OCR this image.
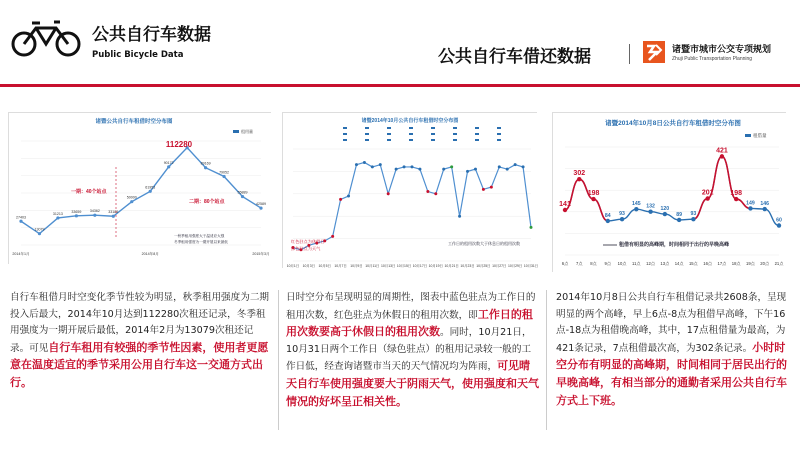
公共自行车数据
Public Bicycle Data	公共自行车借还数据	诸暨市城市公交专项规划
Zhuji Public Transportation Planning
诸暨公共自行车租借时空分布图
租用量
27403
13079
31213
33659 34362 33185
50000
61953
90172	89169
79052
55889
42589
2014年1月	2014年8月	2015年3月
一期：40个站点
二期：80个站点
112280
一秋季租用强度大于温适应大强
冬季租用强度为一期开展以来最低
诸暨2014年10月公共自行车租借时空分布图
10月1日 10月3日 10月5日 10月7日 10月9日 10月11日 10月13日 10月15日 10月17日 10月19日 10月21日 10月23日 10月25日 10月27日 10月29日 10月31日
工作日的租用次数大于休息日的租用次数
红色驻点为休假日
绿色驻点为天气
诸暨2014年10月8日公共自行车租借时空分布图
租借量
141
302
198
84 93
145 132 120
89 93
201
421
198
149 146
60
6点 7点 8点 9点 10点 11点 12点 13点 14点 15点 16点 17点 18点 19点 20点 21点
租借有明显的高峰期，时间相同于出行的早晚高峰
自行车租借月时空变化季节性较为明显，秋季租用强度为二期投入后最大，2014年10月达到112280次租还记录，冬季租用强度为一期开展后最低，2014年2月为13079次租还记录。可见自行车租用有较强的季节性因素，使用者更愿意在温度适宜的季节采用公用自行车这一交通方式出行。
日时空分布呈现明显的周期性，图表中蓝色驻点为工作日的租用次数，红色驻点为休假日的租用次数，即工作日的租用次数要高于休假日的租用次数。同时，10月21日，10月31日两个工作日（绿色驻点）的租用记录较一般的工作日低，经查询诸暨市当天的天气情况均为阵雨，可见晴天自行车使用强度要大于阴雨天气，使用强度和天气情况的好坏呈正相关性。
2014年10月8日公共自行车租借记录共2608条，呈现明显的两个高峰，早上6点-8点为租借早高峰，下午16点-18点为租借晚高峰，其中，17点租借量为最高，为421条记录，7点租借最次高，为302条记录。小时时空分布有明显的高峰期，时间相同于居民出行的早晚高峰，有相当部分的通勤者采用公共自行车方式上下班。
